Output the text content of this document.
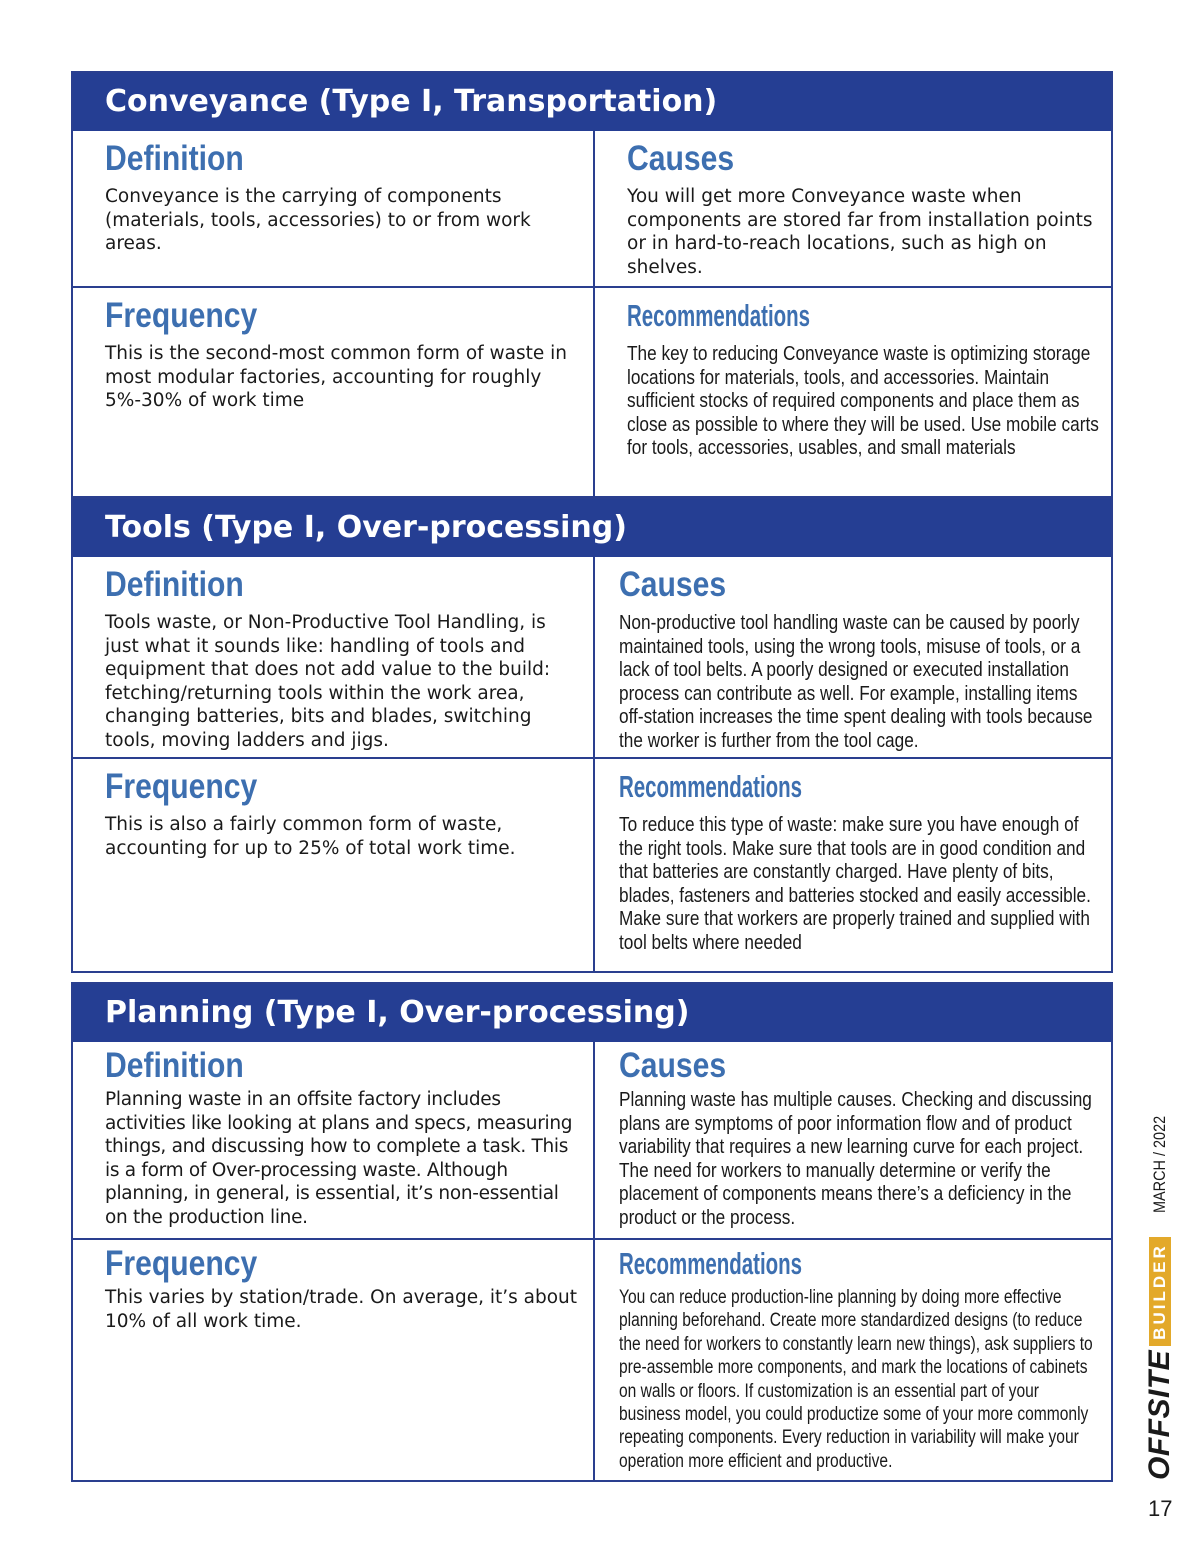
Conveyance (Type I, Transportation)
Definition
Conveyance is the carrying of components (materials, tools, accessories) to or from work areas.
Causes
You will get more Conveyance waste when components are stored far from installation points or in hard-to-reach locations, such as high on shelves.
Frequency
This is the second-most common form of waste in most modular factories, accounting for roughly 5%-30% of work time
Recommendations
The key to reducing Conveyance waste is optimizing storage locations for materials, tools, and accessories. Maintain sufficient stocks of required components and place them as close as possible to where they will be used. Use mobile carts for tools, accessories, usables, and small materials
Tools (Type I, Over-processing)
Definition
Tools waste, or Non-Productive Tool Handling, is just what it sounds like: handling of tools and equipment that does not add value to the build: fetching/returning tools within the work area, changing batteries, bits and blades, switching tools, moving ladders and jigs.
Causes
Non-productive tool handling waste can be caused by poorly maintained tools, using the wrong tools, misuse of tools, or a lack of tool belts. A poorly designed or executed installation process can contribute as well. For example, installing items off-station increases the time spent dealing with tools because the worker is further from the tool cage.
Frequency
This is also a fairly common form of waste, accounting for up to 25% of total work time.
Recommendations
To reduce this type of waste: make sure you have enough of the right tools. Make sure that tools are in good condition and that batteries are constantly charged. Have plenty of bits, blades, fasteners and batteries stocked and easily accessible. Make sure that workers are properly trained and supplied with tool belts where needed
Planning (Type I, Over-processing)
Definition
Planning waste in an offsite factory includes activities like looking at plans and specs, measuring things, and discussing how to complete a task. This is a form of Over-processing waste. Although planning, in general, is essential, it’s non-essential on the production line.
Causes
Planning waste has multiple causes. Checking and discussing plans are symptoms of poor information flow and of product variability that requires a new learning curve for each project. The need for workers to manually determine or verify the placement of components means there’s a deficiency in the product or the process.
Frequency
This varies by station/trade. On average, it’s about 10% of all work time.
Recommendations
You can reduce production-line planning by doing more effective planning beforehand. Create more standardized designs (to reduce the need for workers to constantly learn new things), ask suppliers to pre-assemble more components, and mark the locations of cabinets on walls or floors. If customization is an essential part of your business model, you could productize some of your more commonly repeating components. Every reduction in variability will make your operation more efficient and productive.	OFFSITE
BUILDER
MARCH / 2022
17
